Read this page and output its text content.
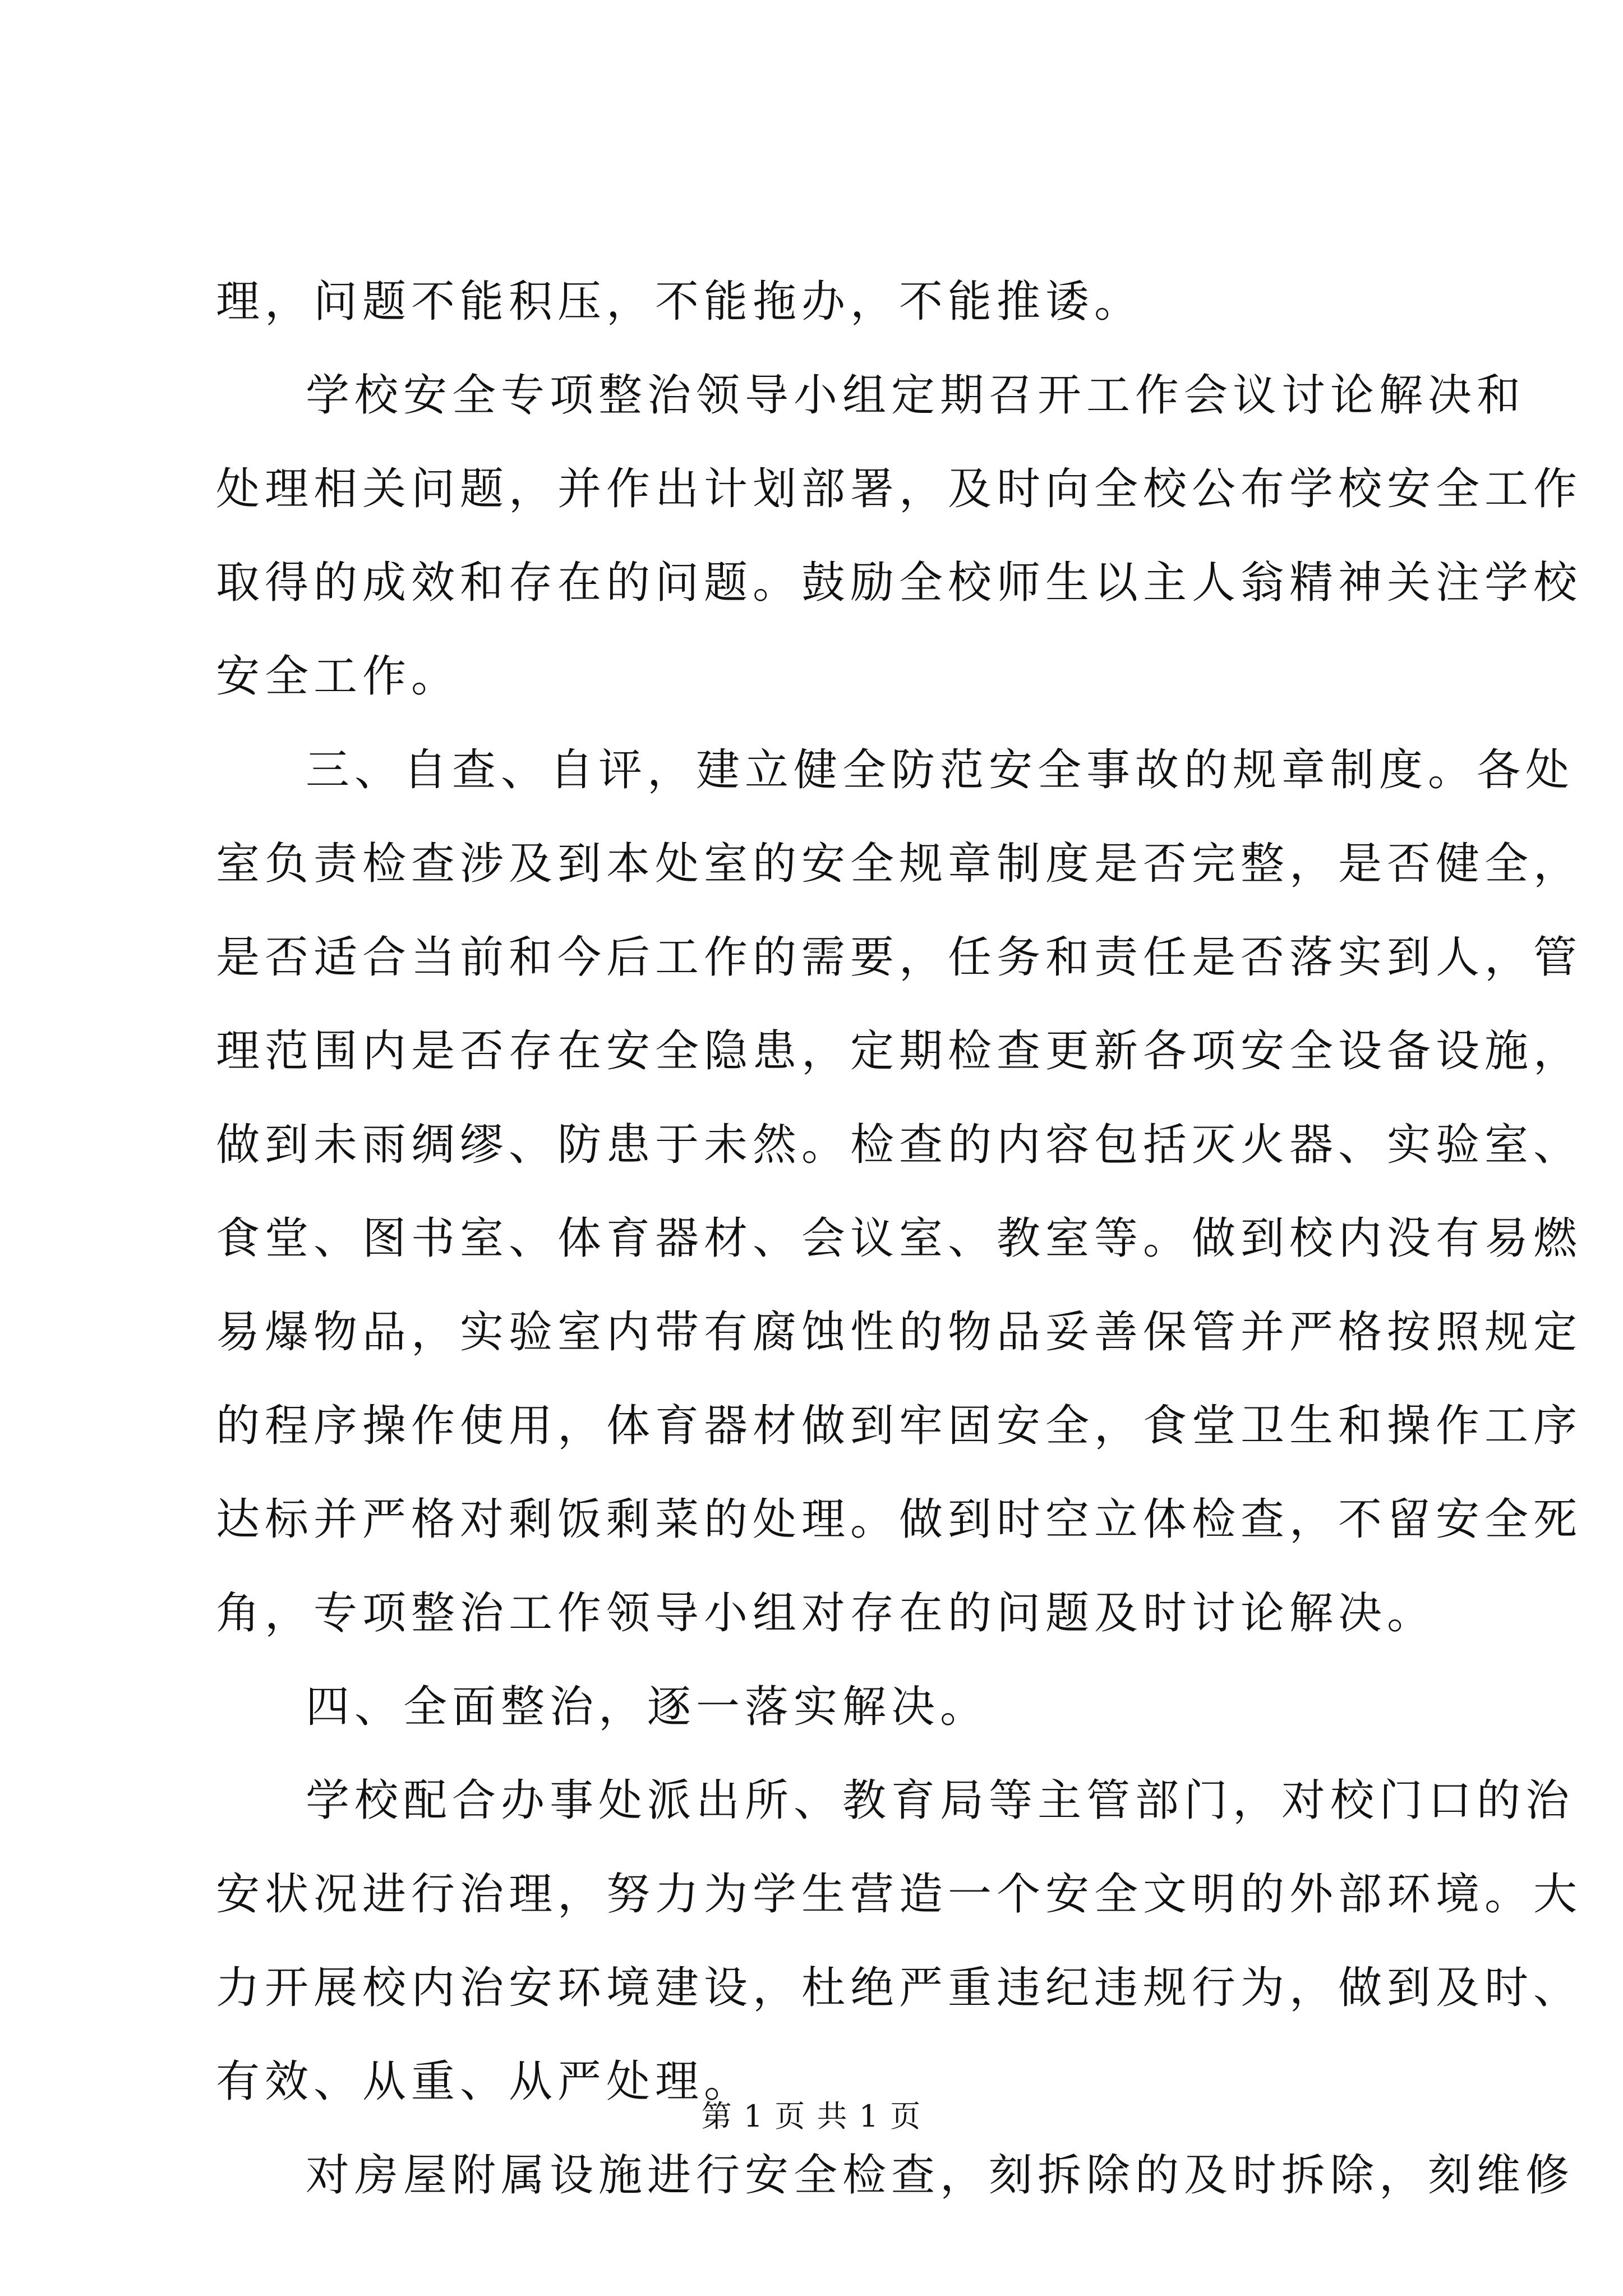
理，问题不能积压，不能拖办，不能推诿。
学校安全专项整治领导小组定期召开工作会议讨论解决和
处理相关问题，并作出计划部署，及时向全校公布学校安全工作
取得的成效和存在的问题。鼓励全校师生以主人翁精神关注学校
安全工作。
三、自查、自评，建立健全防范安全事故的规章制度。各处
室负责检查涉及到本处室的安全规章制度是否完整，是否健全，
是否适合当前和今后工作的需要，任务和责任是否落实到人，管
理范围内是否存在安全隐患，定期检查更新各项安全设备设施，
做到未雨绸缪、防患于未然。检查的内容包括灭火器、实验室、
食堂、图书室、体育器材、会议室、教室等。做到校内没有易燃
易爆物品，实验室内带有腐蚀性的物品妥善保管并严格按照规定
的程序操作使用，体育器材做到牢固安全，食堂卫生和操作工序
达标并严格对剩饭剩菜的处理。做到时空立体检查，不留安全死
角，专项整治工作领导小组对存在的问题及时讨论解决。
四、全面整治，逐一落实解决。
学校配合办事处派出所、教育局等主管部门，对校门口的治
安状况进行治理，努力为学生营造一个安全文明的外部环境。大
力开展校内治安环境建设，杜绝严重违纪违规行为，做到及时、
有效、从重、从严处理。
对房屋附属设施进行安全检查，刻拆除的及时拆除，刻维修
第 1 页 共 1 页
